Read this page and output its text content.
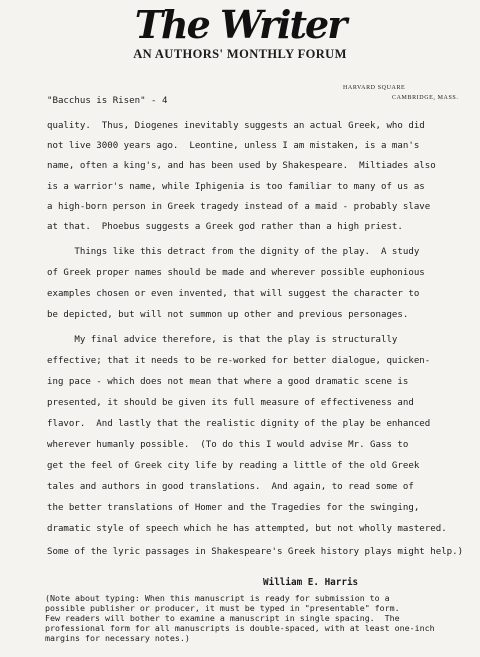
The Writer
AN AUTHORS' MONTHLY FORUM
HARVARD SQUARE
CAMBRIDGE, MASS.
"Bacchus is Risen" - 4
quality.  Thus, Diogenes inevitably suggests an actual Greek, who did
not live 3000 years ago.  Leontine, unless I am mistaken, is a man's
name, often a king's, and has been used by Shakespeare.  Miltiades also
is a warrior's name, while Iphigenia is too familiar to many of us as
a high-born person in Greek tragedy instead of a maid - probably slave
at that.  Phoebus suggests a Greek god rather than a high priest.
Things like this detract from the dignity of the play.  A study
of Greek proper names should be made and wherever possible euphonious
examples chosen or even invented, that will suggest the character to
be depicted, but will not summon up other and previous personages.
My final advice therefore, is that the play is structurally
effective; that it needs to be re-worked for better dialogue, quicken-
ing pace - which does not mean that where a good dramatic scene is
presented, it should be given its full measure of effectiveness and
flavor.  And lastly that the realistic dignity of the play be enhanced
wherever humanly possible.  (To do this I would advise Mr. Gass to
get the feel of Greek city life by reading a little of the old Greek
tales and authors in good translations.  And again, to read some of
the better translations of Homer and the Tragedies for the swinging,
dramatic style of speech which he has attempted, but not wholly mastered.
Some of the lyric passages in Shakespeare's Greek history plays might help.)
William E. Harris
(Note about typing: When this manuscript is ready for submission to a
possible publisher or producer, it must be typed in "presentable" form.
Few readers will bother to examine a manuscript in single spacing.  The
professional form for all manuscripts is double-spaced, with at least one-inch
margins for necessary notes.)
